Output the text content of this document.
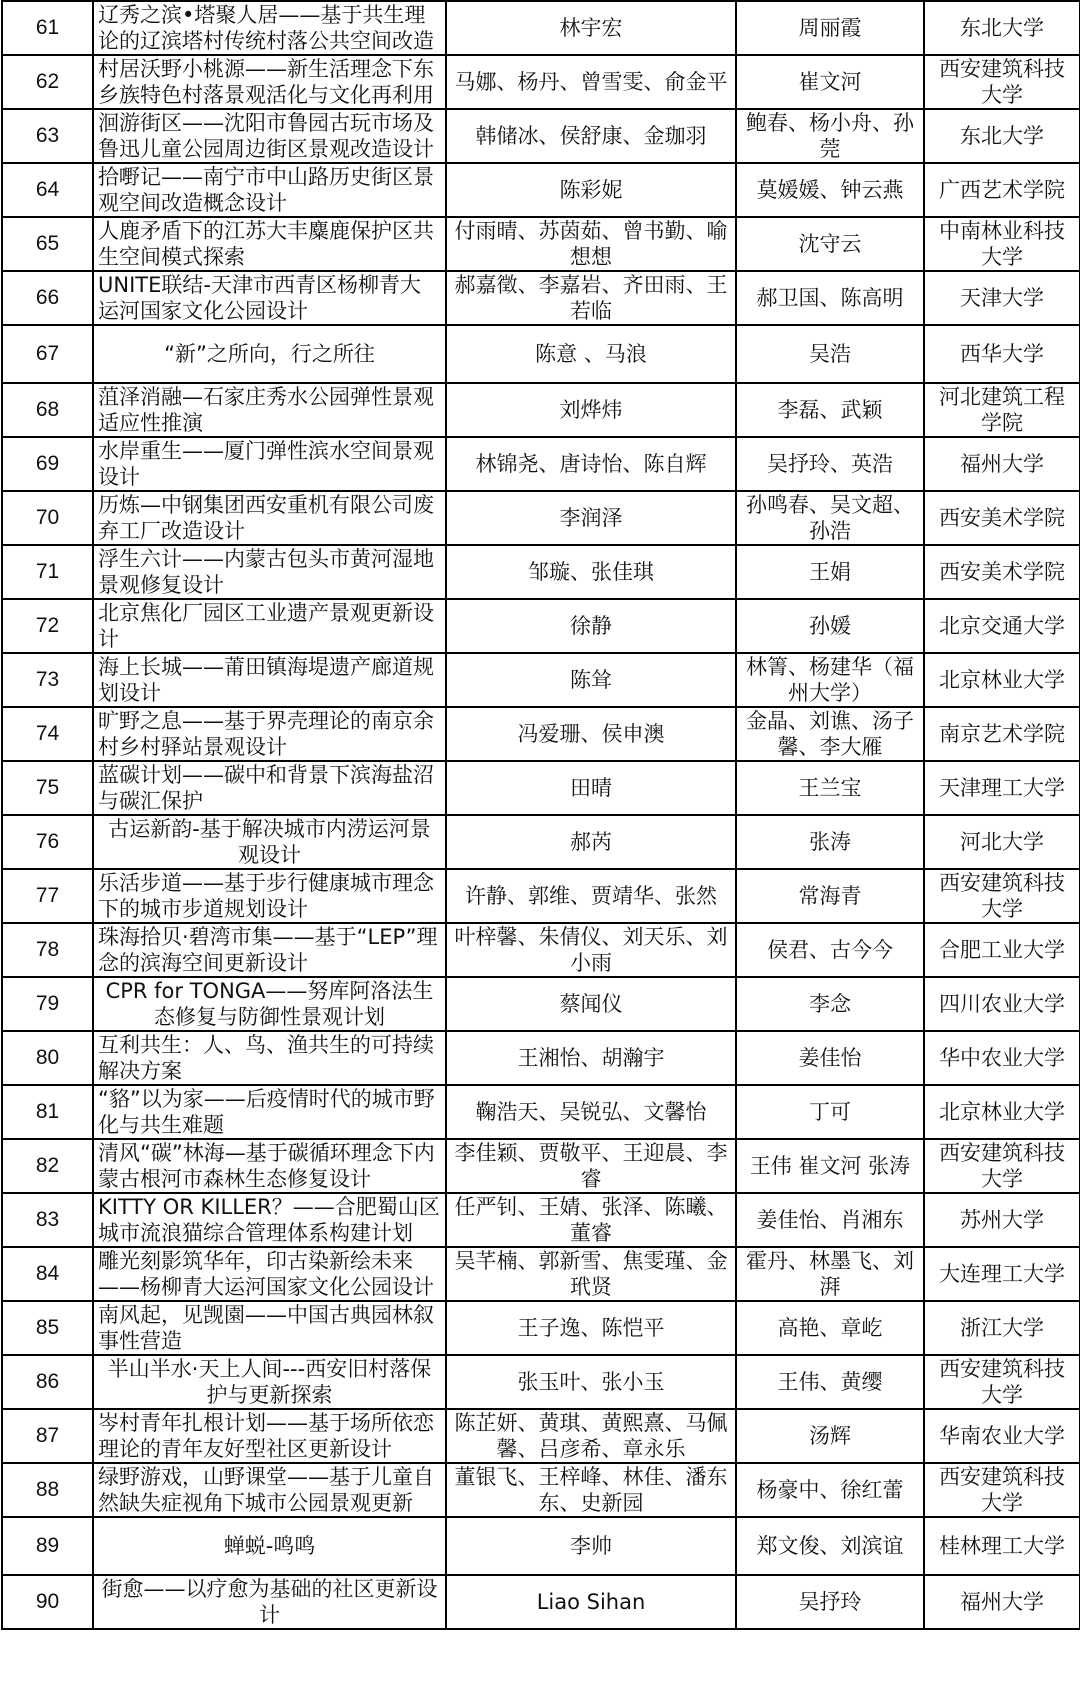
61	辽秀之滨•塔聚人居——基于共生理论的辽滨塔村传统村落公共空间改造	林宇宏	周丽霞	东北大学
62	村居沃野小桃源——新生活理念下东乡族特色村落景观活化与文化再利用	马娜、杨丹、曾雪雯、俞金平	崔文河	西安建筑科技大学
63	洄游街区——沈阳市鲁园古玩市场及鲁迅儿童公园周边街区景观改造设计	韩储冰、侯舒康、金珈羽	鲍春、杨小舟、孙莞	东北大学
64	拾嘢记——南宁市中山路历史街区景观空间改造概念设计	陈彩妮	莫媛媛、钟云燕	广西艺术学院
65	人鹿矛盾下的江苏大丰麋鹿保护区共生空间模式探索	付雨晴、苏茵茹、曾书勤、喻想想	沈守云	中南林业科技大学
66	UNITE联结-天津市西青区杨柳青大运河国家文化公园设计	郝嘉徵、李嘉岩、齐田雨、王若临	郝卫国、陈高明	天津大学
67	“新”之所向，行之所往	陈意 、马浪	吴浩	西华大学
68	菹泽消融—石家庄秀水公园弹性景观适应性推演	刘烨炜	李磊、武颖	河北建筑工程学院
69	水岸重生——厦门弹性滨水空间景观设计	林锦尧、唐诗怡、陈自辉	吴抒玲、英浩	福州大学
70	历炼—中钢集团西安重机有限公司废弃工厂改造设计	李润泽	孙鸣春、吴文超、孙浩	西安美术学院
71	浮生六计——内蒙古包头市黄河湿地景观修复设计	邹璇、张佳琪	王娟	西安美术学院
72	北京焦化厂园区工业遗产景观更新设计	徐静	孙媛	北京交通大学
73	海上长城——莆田镇海堤遗产廊道规划设计	陈耸	林箐、杨建华（福州大学）	北京林业大学
74	旷野之息——基于界壳理论的南京余村乡村驿站景观设计	冯爱珊、侯申澳	金晶、刘谯、汤子馨、李大雁	南京艺术学院
75	蓝碳计划——碳中和背景下滨海盐沼与碳汇保护	田晴	王兰宝	天津理工大学
76	古运新韵-基于解决城市内涝运河景观设计	郝芮	张涛	河北大学
77	乐活步道——基于步行健康城市理念下的城市步道规划设计	许静、郭维、贾靖华、张然	常海青	西安建筑科技大学
78	珠海拾贝·碧湾市集——基于“LEP”理念的滨海空间更新设计	叶梓馨、朱倩仪、刘天乐、刘小雨	侯君、古今今	合肥工业大学
79	CPR for TONGA——努库阿洛法生态修复与防御性景观计划	蔡闻仪	李念	四川农业大学
80	互利共生：人、鸟、渔共生的可持续解决方案	王湘怡、胡瀚宇	姜佳怡	华中农业大学
81	“貉”以为家——后疫情时代的城市野化与共生难题	鞠浩天、吴锐弘、文馨怡	丁可	北京林业大学
82	清风“碳”林海—基于碳循环理念下内蒙古根河市森林生态修复设计	李佳颖、贾敬平、王迎晨、李睿	王伟 崔文河 张涛	西安建筑科技大学
83	KITTY OR KILLER？——合肥蜀山区城市流浪猫综合管理体系构建计划	任严钊、王婧、张泽、陈曦、董睿	姜佳怡、肖湘东	苏州大学
84	雕光刻影筑华年，印古染新绘未来——杨柳青大运河国家文化公园设计	吴芊楠、郭新雪、焦雯瑾、金玳贤	霍丹、林墨飞、刘湃	大连理工大学
85	南风起，见觊園——中国古典园林叙事性营造	王子逸、陈恺平	高艳、章屹	浙江大学
86	半山半水·天上人间---西安旧村落保护与更新探索	张玉叶、张小玉	王伟、黄缨	西安建筑科技大学
87	岑村青年扎根计划——基于场所依恋理论的青年友好型社区更新设计	陈芷妍、黄琪、黄熙熹、马佩馨、吕彦希、章永乐	汤辉	华南农业大学
88	绿野游戏，山野课堂——基于儿童自然缺失症视角下城市公园景观更新	董银飞、王梓峰、林佳、潘东东、史新园	杨豪中、徐红蕾	西安建筑科技大学
89	蝉蜕-鸣鸣	李帅	郑文俊、刘滨谊	桂林理工大学
90	街愈——以疗愈为基础的社区更新设计	Liao Sihan	吴抒玲	福州大学
